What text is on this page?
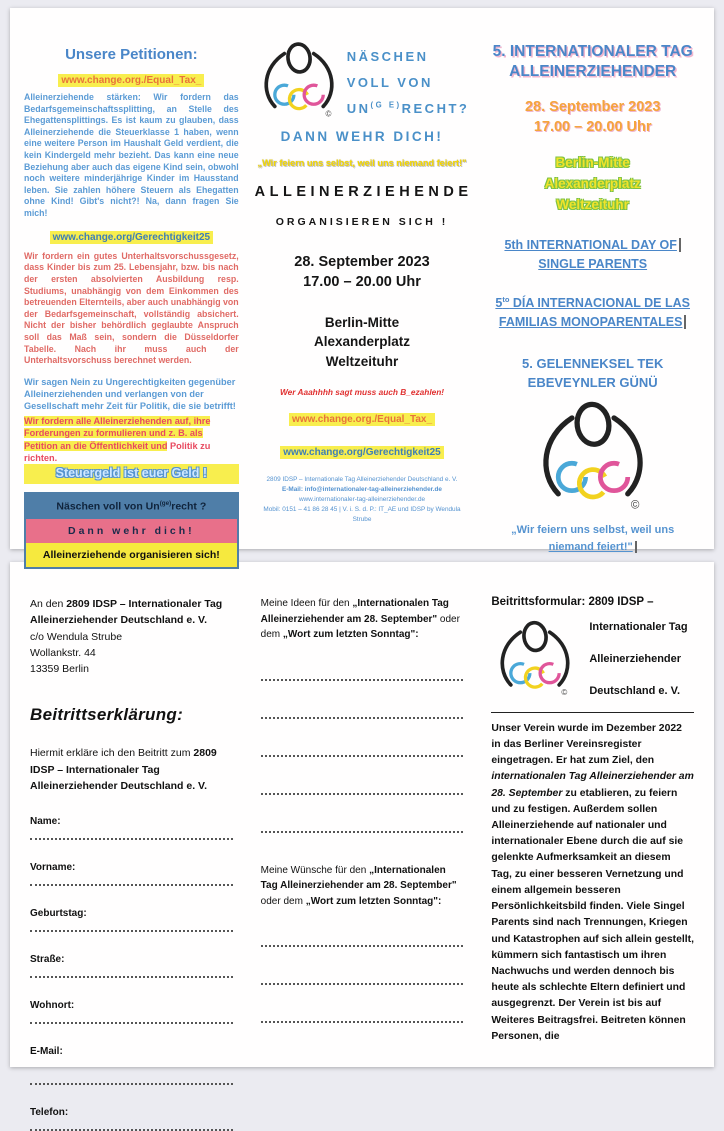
Unsere Petitionen:
www.change.org./Equal_Tax_
Alleinerziehende stärken: Wir fordern das Bedarfsgemeinschaftssplitting, an Stelle des Ehegattensplittings. Es ist kaum zu glauben, dass Alleinerziehende die Steuerklasse 1 haben, wenn eine weitere Person im Haushalt Geld verdient, die kein Kindergeld mehr bezieht. Das kann eine neue Beziehung aber auch das eigene Kind sein, obwohl noch weitere minderjährige Kinder im Hausstand leben. Sie zahlen höhere Steuern als Ehegatten ohne Kind! Gibt's nicht?! Na, dann fragen Sie mich!
www.change.org/Gerechtigkeit25
Wir fordern ein gutes Unterhaltsvorschussgesetz, dass Kinder bis zum 25. Lebensjahr, bzw. bis nach der ersten absolvierten Ausbildung resp. Studiums, unabhängig von dem Einkommen des betreuenden Elternteils, aber auch unabhängig von der Bedarfsgemeinschaft, vollständig absichert. Nicht der bisher behördlich geglaubte Anspruch soll das Maß sein, sondern die Düsseldorfer Tabelle. Nach ihr muss auch der Unterhaltsvorschuss berechnet werden.
Wir sagen Nein zu Ungerechtigkeiten gegenüber Alleinerziehenden und verlangen von der Gesellschaft mehr Zeit für Politik, die sie betrifft!
Wir fordern alle Alleinerziehenden auf, ihre Forderungen zu formulieren und z. B. als Petition an die Öffentlichkeit und Politik zu richten.
Steuergeld ist euer Geld !
Näschen voll von $Un^{(ge)}recht$ ?
Dann wehr dich!
Alleinerziehende organisieren sich!
©
NÄSCHEN
VOLL VON
$UN^{(G E)}RECHT$?
DANN WEHR DICH!
„Wir feiern uns selbst, weil uns niemand feiert!"
ALLEINERZIEHENDE
ORGANISIEREN SICH !
28. September 2023
17.00 – 20.00 Uhr
Berlin-Mitte
Alexanderplatz
Weltzeituhr
Wer Aaahhhh sagt muss auch B_ezahlen!
www.change.org./Equal_Tax_
www.change.org/Gerechtigkeit25
2809 IDSP – Internationale Tag Alleinerziehender Deutschland e. V.
E-Mail: info@internationaler-tag-alleinerziehender.de
www.internationaler-tag-alleinerziehender.de
Mobil: 0151 – 41 86 28 45 | V. i. S. d. P.: IT_AE und IDSP by Wendula Strube
5. INTERNATIONALER TAG
ALLEINERZIEHENDER
28. September 2023
17.00 – 20.00 Uhr
Berlin-Mitte
Alexanderplatz
Weltzeituhr
5th INTERNATIONAL DAY OF
SINGLE PARENTS
$5^{to}$ DÍA INTERNACIONAL DE LAS
FAMILIAS MONOPARENTALES
5. GELENNEKSEL TEK
EBEVEYNLER GÜNÜ
©
„Wir feiern uns selbst, weil uns
niemand feiert!"
An den 2809 IDSP – Internationaler Tag Alleinerziehender Deutschland e. V.
c/o Wendula Strube
Wollankstr. 44
13359 Berlin
Beitrittserklärung:
Hiermit erkläre ich den Beitritt zum 2809 IDSP – Internationaler Tag Alleinerziehender Deutschland e. V.
Name:
Vorname:
Geburtstag:
Straße:
Wohnort:
E-Mail:
Telefon:
Meine Ideen für den „Internationalen Tag Alleinerziehender am 28. September" oder dem „Wort zum letzten Sonntag":
Meine Wünsche für den „Internationalen Tag Alleinerziehender am 28. September" oder dem „Wort zum letzten Sonntag":
Beitrittsformular: 2809 IDSP –
©
Internationaler Tag
Alleinerziehender
Deutschland e. V.
Unser Verein wurde im Dezember 2022 in das Berliner Vereinsregister eingetragen. Er hat zum Ziel, den internationalen Tag Alleinerziehender am 28. September zu etablieren, zu feiern und zu festigen. Außerdem sollen Alleinerziehende auf nationaler und internationaler Ebene durch die auf sie gelenkte Aufmerksamkeit an diesem Tag, zu einer besseren Vernetzung und einem allgemein besseren Persönlichkeitsbild finden. Viele Singel Parents sind nach Trennungen, Kriegen und Katastrophen auf sich allein gestellt, kümmern sich fantastisch um ihren Nachwuchs und werden dennoch bis heute als schlechte Eltern definiert und ausgegrenzt. Der Verein ist bis auf Weiteres Beitragsfrei. Beitreten können Personen, die
